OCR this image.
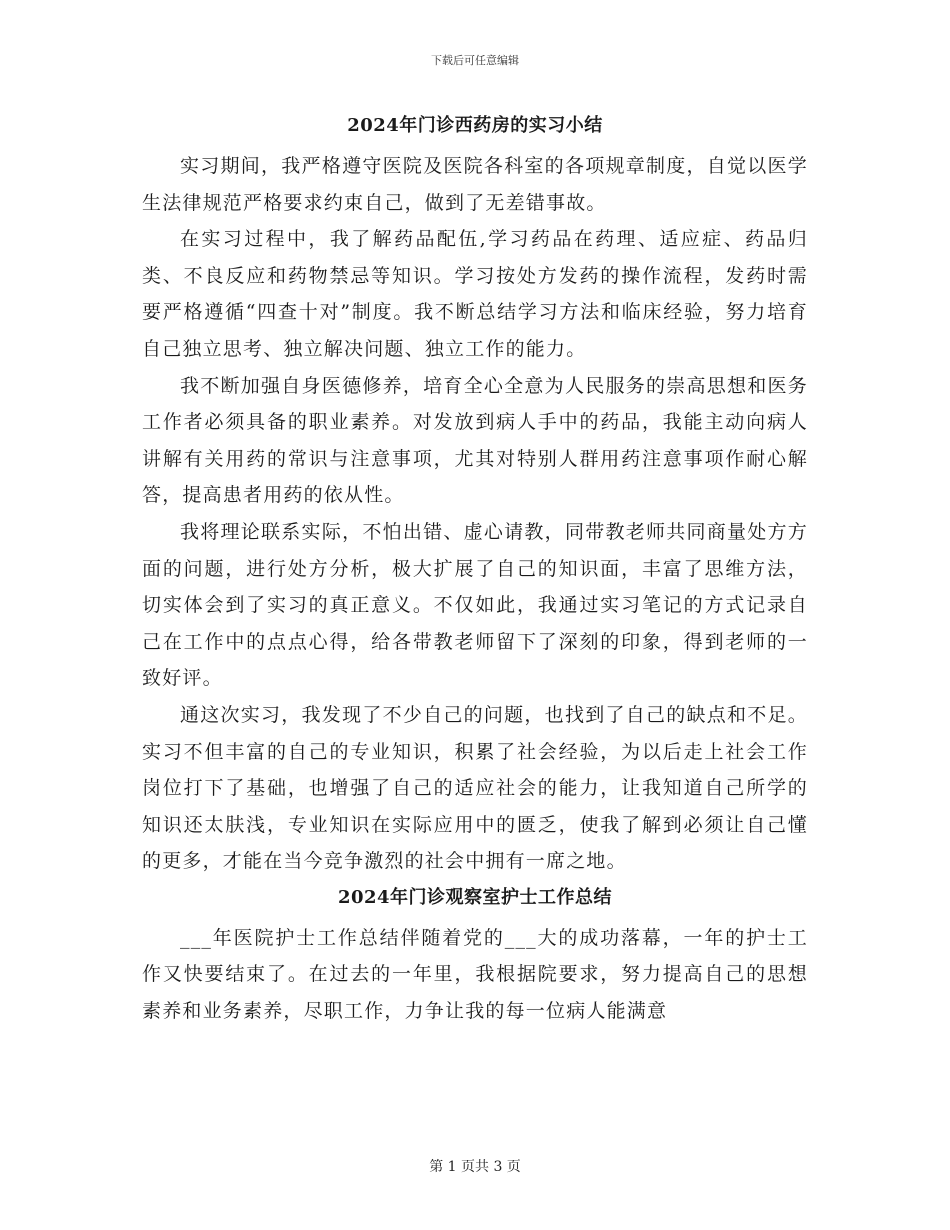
下载后可任意编辑
2024年门诊西药房的实习小结

实习期间，我严格遵守医院及医院各科室的各项规章制度，自觉以医学生法律规范严格要求约束自己，做到了无差错事故。

在实习过程中，我了解药品配伍,学习药品在药理、适应症、药品归类、不良反应和药物禁忌等知识。学习按处方发药的操作流程，发药时需要严格遵循“四查十对”制度。我不断总结学习方法和临床经验，努力培育自己独立思考、独立解决问题、独立工作的能力。

我不断加强自身医德修养，培育全心全意为人民服务的崇高思想和医务工作者必须具备的职业素养。对发放到病人手中的药品，我能主动向病人讲解有关用药的常识与注意事项，尤其对特别人群用药注意事项作耐心解答，提高患者用药的依从性。

我将理论联系实际，不怕出错、虚心请教，同带教老师共同商量处方方面的问题，进行处方分析，极大扩展了自己的知识面，丰富了思维方法，切实体会到了实习的真正意义。不仅如此，我通过实习笔记的方式记录自己在工作中的点点心得，给各带教老师留下了深刻的印象，得到老师的一致好评。

通这次实习，我发现了不少自己的问题，也找到了自己的缺点和不足。实习不但丰富的自己的专业知识，积累了社会经验，为以后走上社会工作岗位打下了基础，也增强了自己的适应社会的能力，让我知道自己所学的知识还太肤浅，专业知识在实际应用中的匮乏，使我了解到必须让自己懂的更多，才能在当今竞争激烈的社会中拥有一席之地。

2024年门诊观察室护士工作总结

___年医院护士工作总结伴随着党的___大的成功落幕，一年的护士工作又快要结束了。在过去的一年里，我根据院要求，努力提高自己的思想素养和业务素养，尽职工作，力争让我的每一位病人能满意

第 1 页共 3 页
